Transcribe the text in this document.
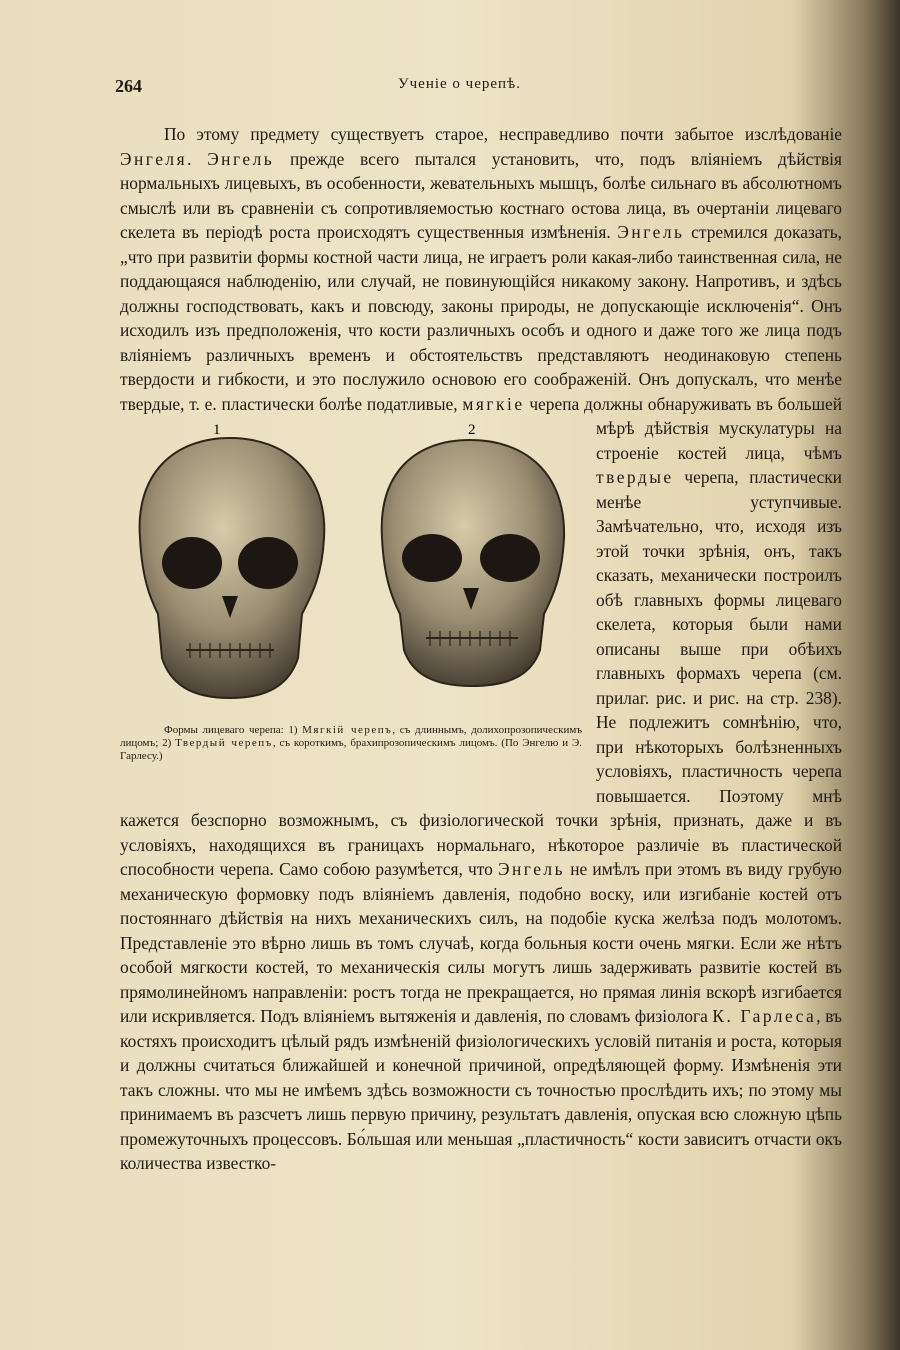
264	Ученіе о черепѣ.

По этому предмету существуетъ старое, несправедливо почти забытое изслѣдованіе Энгеля. Энгель прежде всего пытался установить, что, подъ вліяніемъ дѣйствія нормальныхъ лицевыхъ, въ особенности, жевательныхъ мышцъ, болѣе сильнаго въ абсолютномъ смыслѣ или въ сравненіи съ сопротивляемостью костнаго остова лица, въ очертаніи лицеваго скелета въ періодѣ роста происходятъ существенныя измѣненія. Энгель стремился доказать, „что при развитіи формы костной части лица, не играетъ роли какая-либо таинственная сила, не поддающаяся наблюденію, или случай, не повинующійся никакому закону. Напротивъ, и здѣсь должны господствовать, какъ и повсюду, законы природы, не допускающіе исключенія“. Онъ исходилъ изъ предположенія, что кости различныхъ особъ и одного и даже того же лица подъ вліяніемъ различныхъ временъ и обстоятельствъ представляютъ неодинаковую степень твердости и гибкости, и это послужило основою его соображеній. Онъ допускалъ, что менѣе твердые, т. е. пластически болѣе податливые,
1	2
Формы лицеваго черепа: 1) Мягкій черепъ, съ длиннымъ, долихопрозопическимъ лицомъ; 2) Твердый черепъ, съ короткимъ, брахипрозопическимъ лицомъ. (По Энгелю и Э. Гарлесу.)
мягкіе черепа должны обнаруживать въ большей мѣрѣ дѣйствія мускулатуры на строеніе костей лица, чѣмъ твердые черепа, пластически менѣе уступчивые. Замѣчательно, что, исходя изъ этой точки зрѣнія, онъ, такъ сказать, механически построилъ обѣ главныхъ формы лицеваго скелета, которыя были нами описаны выше при обѣихъ главныхъ формахъ черепа (см. прилаг. рис. и рис. на стр. 238). Не подлежитъ сомнѣнію, что, при нѣкоторыхъ болѣзненныхъ условіяхъ, пластичность черепа повышается. Поэтому мнѣ кажется безспорно возможнымъ, съ физіологической точки зрѣнія, признать, даже и въ условіяхъ, находящихся въ границахъ нормальнаго, нѣкоторое различіе въ пластической способности черепа. Само собою разумѣется, что Энгель не имѣлъ при этомъ въ виду грубую механическую формовку подъ вліяніемъ давленія, подобно воску, или изгибаніе костей отъ постояннаго дѣйствія на нихъ механическихъ силъ, на подобіе куска желѣза подъ молотомъ. Представленіе это вѣрно лишь въ томъ случаѣ, когда больныя кости очень мягки. Если же нѣтъ особой мягкости костей, то механическія силы могутъ лишь задерживать развитіе костей въ прямолинейномъ направленіи: ростъ тогда не прекращается, но прямая линія вскорѣ изгибается или искривляется. Подъ вліяніемъ вытяженія и давленія, по словамъ физіолога К. Гарлеса, въ костяхъ происходитъ цѣлый рядъ измѣненій физіологическихъ условій питанія и роста, которыя и должны считаться ближайшей и конечной причиной, опредѣляющей форму. Измѣненія эти такъ сложны. что мы не имѣемъ здѣсь возможности съ точностью прослѣдить ихъ; по этому мы принимаемъ въ разсчетъ лишь первую причину, результатъ давленія, опуская всю сложную цѣпь промежуточныхъ процессовъ. Бо́льшая или меньшая „пластичность“ кости зависитъ отчасти окъ количества известко-
